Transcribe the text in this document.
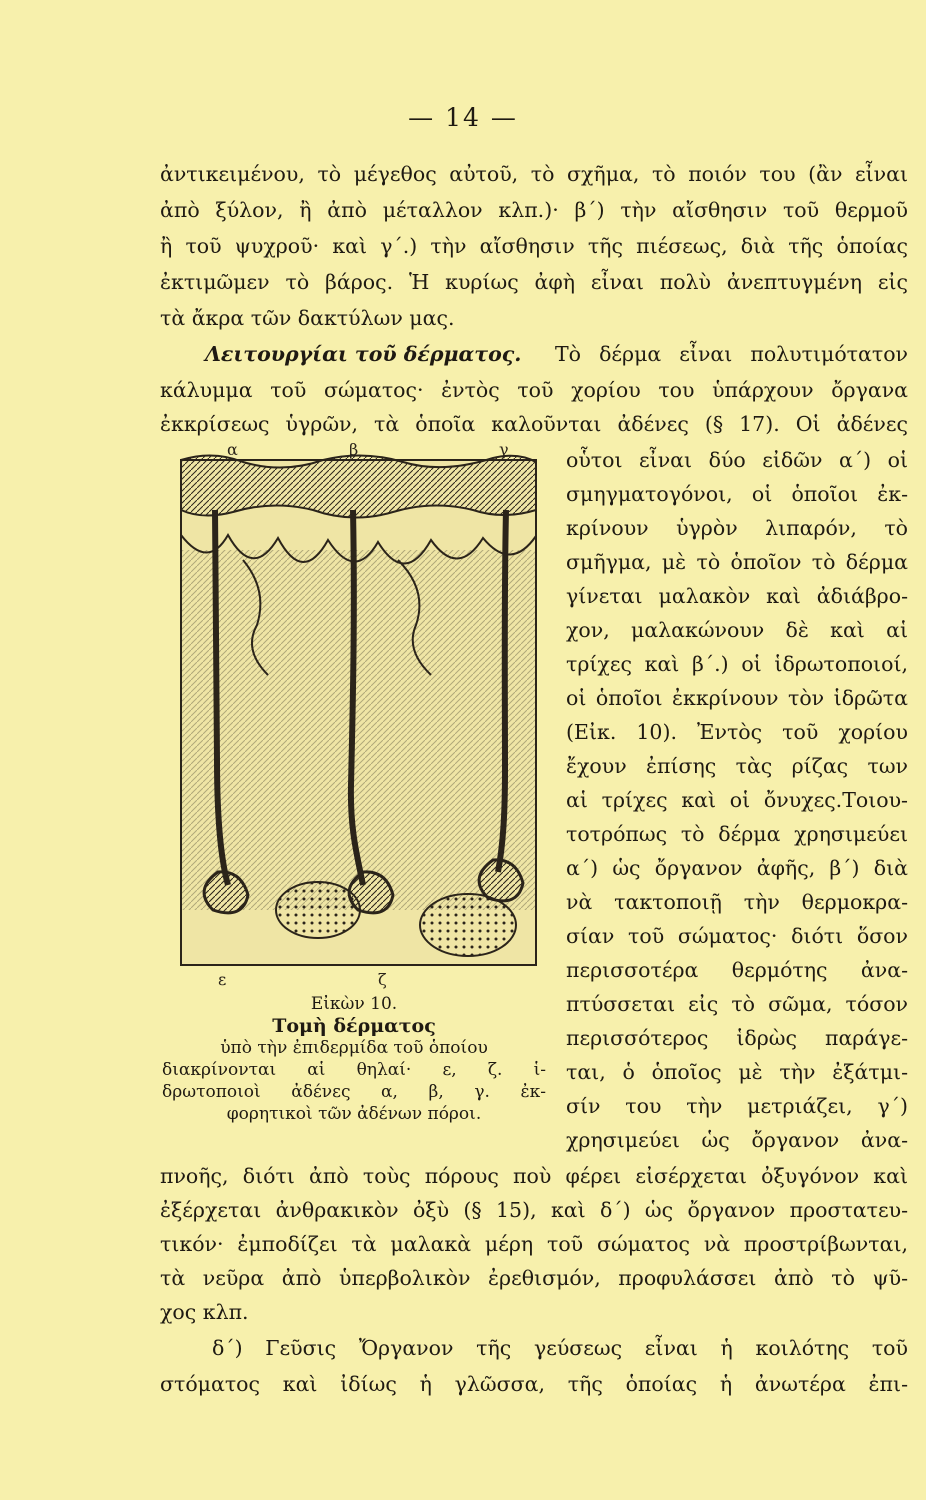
— 14 —
ἀντικειμένου, τὸ μέγεθος αὐτοῦ, τὸ σχῆμα, τὸ ποιόν του (ἂν εἶναι
ἀπὸ ξύλον, ἢ ἀπὸ μέταλλον κλπ.)· β΄) τὴν αἴσθησιν τοῦ θερμοῦ
ἢ τοῦ ψυχροῦ· καὶ γ΄.) τὴν αἴσθησιν τῆς πιέσεως, διὰ τῆς ὁποίας
ἐκτιμῶμεν τὸ βάρος. Ἡ κυρίως ἀφὴ εἶναι πολὺ ἀνεπτυγμένη εἰς
τὰ ἄκρα τῶν δακτύλων μας.
Λειτουργίαι τοῦ δέρματος. Τὸ δέρμα εἶναι πολυτιμότατον
κάλυμμα τοῦ σώματος· ἐντὸς τοῦ χορίου του ὑπάρχουν ὄργανα
ἐκκρίσεως ὑγρῶν, τὰ ὁποῖα καλοῦνται ἀδένες (§ 17). Οἱ ἀδένες
οὗτοι εἶναι δύο εἰδῶν α΄) οἱ
σμηγματογόνοι, οἱ ὁποῖοι ἐκ-
κρίνουν ὑγρὸν λιπαρόν, τὸ
σμῆγμα, μὲ τὸ ὁποῖον τὸ δέρμα
γίνεται μαλακὸν καὶ ἀδιάβρο-
χον, μαλακώνουν δὲ καὶ αἱ
τρίχες καὶ β΄.) οἱ ἱδρωτοποιοί,
οἱ ὁποῖοι ἐκκρίνουν τὸν ἱδρῶτα
(Εἰκ. 10). Ἐντὸς τοῦ χορίου
ἔχουν ἐπίσης τὰς ρίζας των
αἱ τρίχες καὶ οἱ ὄνυχες.Τοιου-
τοτρόπως τὸ δέρμα χρησιμεύει
α΄) ὡς ὄργανον ἀφῆς, β΄) διὰ
νὰ τακτοποιῇ τὴν θερμοκρα-
σίαν τοῦ σώματος· διότι ὅσον
περισσοτέρα θερμότης ἀνα-
πτύσσεται εἰς τὸ σῶμα, τόσον
περισσότερος ἱδρὼς παράγε-
ται, ὁ ὁποῖος μὲ τὴν ἐξάτμι-
σίν του τὴν μετριάζει, γ΄)
χρησιμεύει ὡς ὄργανον ἀνα-
πνοῆς, διότι ἀπὸ τοὺς πόρους ποὺ φέρει εἰσέρχεται ὀξυγόνον καὶ
ἐξέρχεται ἀνθρακικὸν ὀξὺ (§ 15), καὶ δ΄) ὡς ὄργανον προστατευ-
τικόν· ἐμποδίζει τὰ μαλακὰ μέρη τοῦ σώματος νὰ προστρίβωνται,
τὰ νεῦρα ἀπὸ ὑπερβολικὸν ἐρεθισμόν, προφυλάσσει ἀπὸ τὸ ψῦ-
χος κλπ.
δ΄) Γεῦσις Ὄργανον τῆς γεύσεως εἶναι ἡ κοιλότης τοῦ
στόματος καὶ ἰδίως ἡ γλῶσσα, τῆς ὁποίας ἡ ἀνωτέρα ἐπι-
α	β	γ
ε	ζ
Εἰκὼν 10.
Τομὴ δέρματος
ὑπὸ τὴν ἐπιδερμίδα τοῦ ὁποίου
διακρίνονται αἱ θηλαί· ε, ζ. ἱ-
δρωτοποιοὶ ἀδένες α, β, γ. ἐκ-
φορητικοὶ τῶν ἀδένων πόροι.
